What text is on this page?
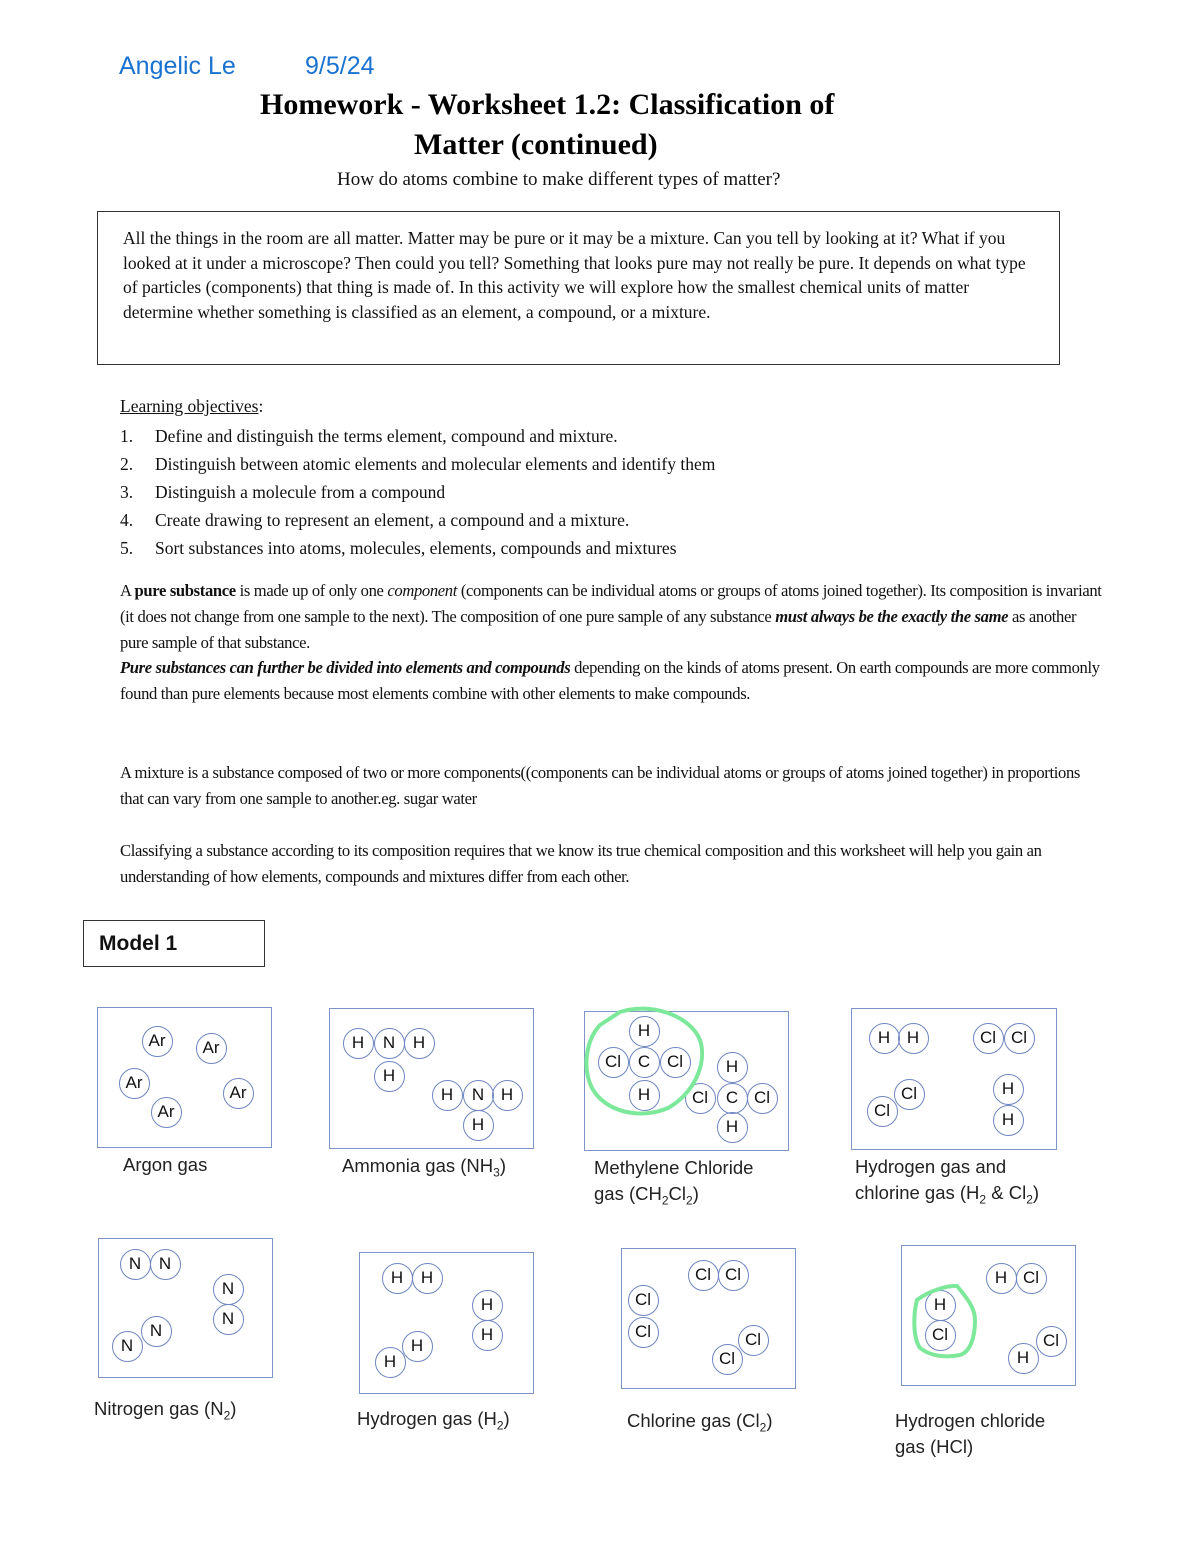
Angelic Le	9/5/24
Homework - Worksheet 1.2: Classification of
Matter (continued)
How do atoms combine to make different types of matter?
All the things in the room are all matter. Matter may be pure or it may be a mixture. Can you tell by looking at it? What if you looked at it under a microscope? Then could you tell? Something that looks pure may not really be pure. It depends on what type of particles (components) that thing is made of. In this activity we will explore how the smallest chemical units of matter determine whether something is classified as an element, a compound, or a mixture.
Learning objectives:
1. Define and distinguish the terms element, compound and mixture.
2. Distinguish between atomic elements and molecular elements and identify them
3. Distinguish a molecule from a compound
4. Create drawing to represent an element, a compound and a mixture.
5. Sort substances into atoms, molecules, elements, compounds and mixtures
A pure substance is made up of only one component (components can be individual atoms or groups of atoms joined together). Its composition is invariant (it does not change from one sample to the next). The composition of one pure sample of any substance must always be the exactly the same as another pure sample of that substance.
Pure substances can further be divided into elements and compounds depending on the kinds of atoms present. On earth compounds are more commonly found than pure elements because most elements combine with other elements to make compounds.
A mixture is a substance composed of two or more components((components can be individual atoms or groups of atoms joined together) in proportions that can vary from one sample to another.eg. sugar water
Classifying a substance according to its composition requires that we know its true chemical composition and this worksheet will help you gain an understanding of how elements, compounds and mixtures differ from each other.
Model 1
Ar	Ar
Ar
Ar
Ar
Argon gas
H	N	H
H
H	N H
H
Ammonia gas $(NH_3)$
H
Cl C Cl
H
H
Cl	C Cl
H
Methylene Chloride
gas $(CH_2Cl_2)$
H H	Cl Cl
Cl
Cl
H
H
Hydrogen gas and
chlorine gas ($H_2$ & $Cl_2$)
N	N
N
N
N
N
Nitrogen gas $(N_2)$
H	H
H
H
H
H
Hydrogen gas $(H_2)$
Cl Cl
Cl
Cl	Cl
Cl
Chlorine gas $(Cl_2)$
H Cl
H
Cl	Cl
H
Hydrogen chloride
gas (HCl)
